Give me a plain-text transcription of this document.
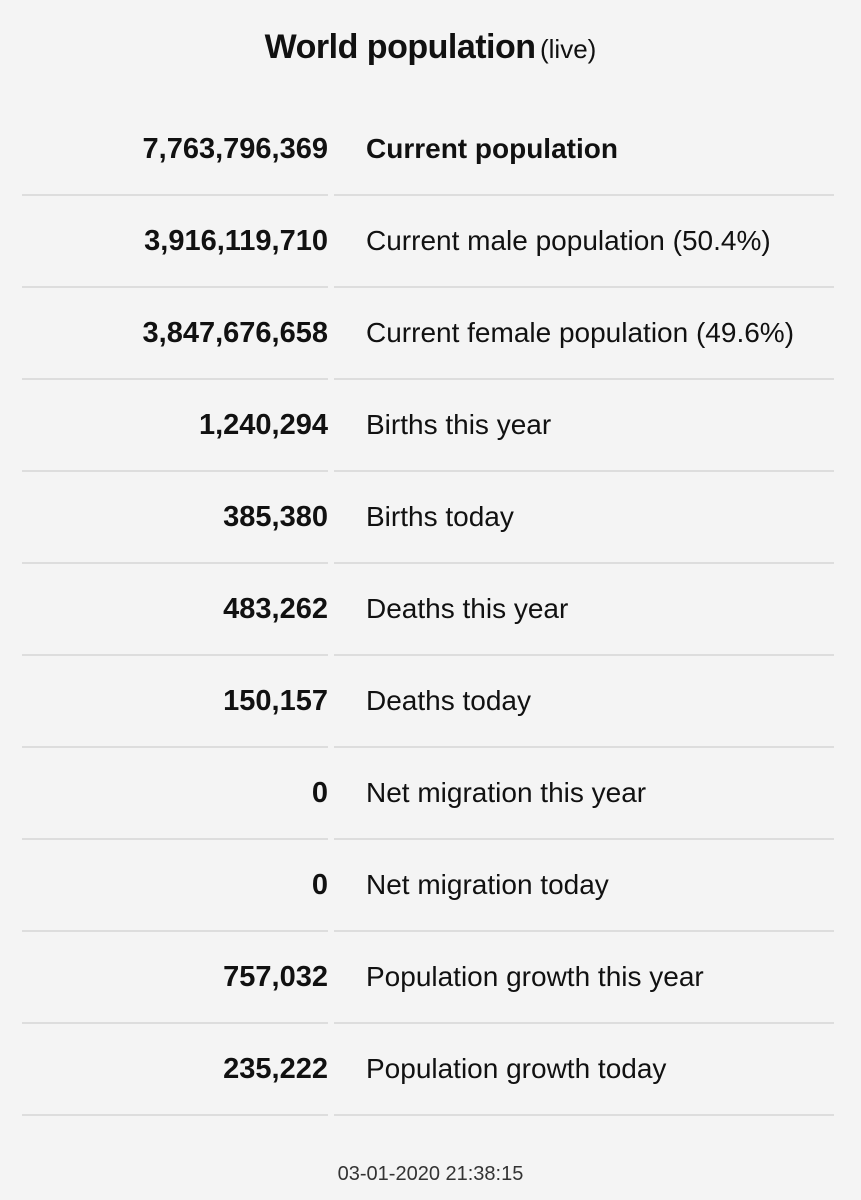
World population (live)
7,763,796,369	Current population
3,916,119,710	Current male population (50.4%)
3,847,676,658	Current female population (49.6%)
1,240,294	Births this year
385,380	Births today
483,262	Deaths this year
150,157	Deaths today
0	Net migration this year
0	Net migration today
757,032	Population growth this year
235,222	Population growth today
03-01-2020 21:38:15
